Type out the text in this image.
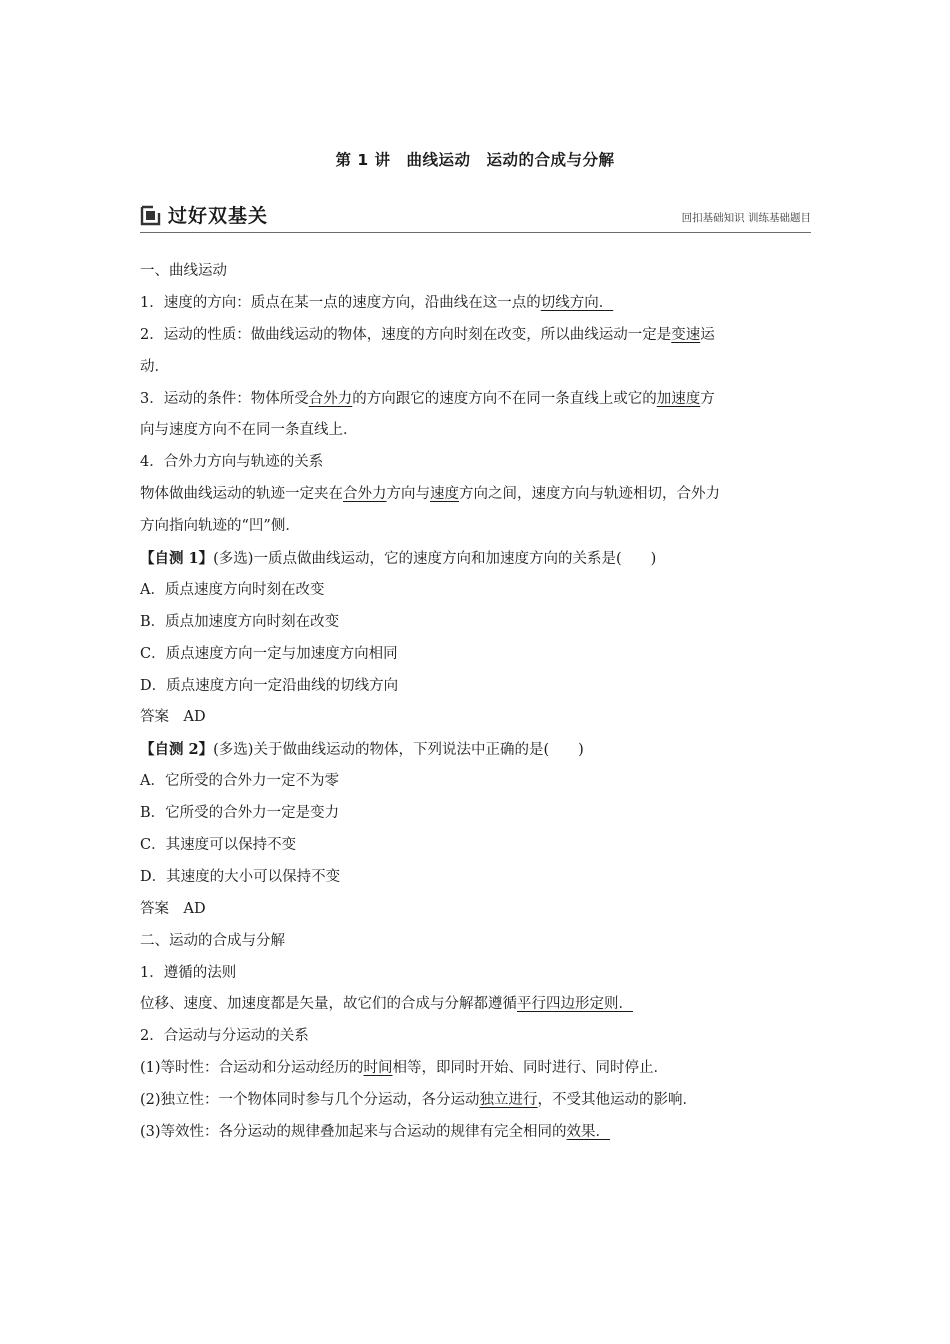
第 1 讲　曲线运动　运动的合成与分解
过好双基关	回扣基础知识 训练基础题目
一、曲线运动
1．速度的方向：质点在某一点的速度方向，沿曲线在这一点的切线方向．
2．运动的性质：做曲线运动的物体，速度的方向时刻在改变，所以曲线运动一定是变速运
动．
3．运动的条件：物体所受合外力的方向跟它的速度方向不在同一条直线上或它的加速度方
向与速度方向不在同一条直线上．
4．合外力方向与轨迹的关系
物体做曲线运动的轨迹一定夹在合外力方向与速度方向之间，速度方向与轨迹相切，合外力
方向指向轨迹的“凹”侧．
【自测 1】(多选)一质点做曲线运动，它的速度方向和加速度方向的关系是(　　)
A．质点速度方向时刻在改变
B．质点加速度方向时刻在改变
C．质点速度方向一定与加速度方向相同
D．质点速度方向一定沿曲线的切线方向
答案　AD
【自测 2】(多选)关于做曲线运动的物体，下列说法中正确的是(　　)
A．它所受的合外力一定不为零
B．它所受的合外力一定是变力
C．其速度可以保持不变
D．其速度的大小可以保持不变
答案　AD
二、运动的合成与分解
1．遵循的法则
位移、速度、加速度都是矢量，故它们的合成与分解都遵循平行四边形定则．
2．合运动与分运动的关系
(1)等时性：合运动和分运动经历的时间相等，即同时开始、同时进行、同时停止．
(2)独立性：一个物体同时参与几个分运动，各分运动独立进行，不受其他运动的影响．
(3)等效性：各分运动的规律叠加起来与合运动的规律有完全相同的效果．
